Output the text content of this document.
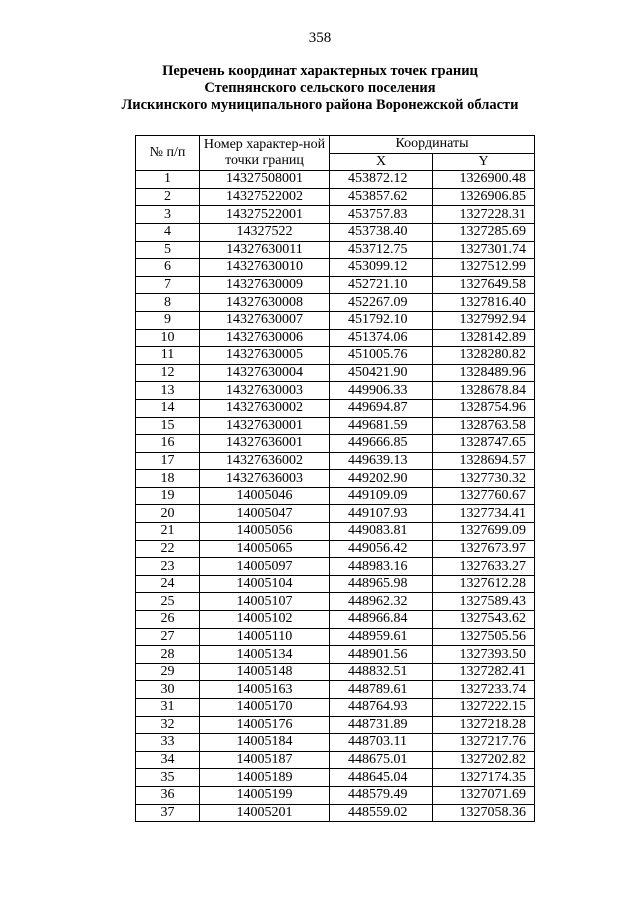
358
Перечень координат характерных точек границ
Степнянского сельского поселения
Лискинского муниципального района Воронежской области
№ п/п	Номер характер-ной точки границ	Координаты	
		X	Y
1	14327508001	453872.12	1326900.48
2	14327522002	453857.62	1326906.85
3	14327522001	453757.83	1327228.31
4	14327522	453738.40	1327285.69
5	14327630011	453712.75	1327301.74
6	14327630010	453099.12	1327512.99
7	14327630009	452721.10	1327649.58
8	14327630008	452267.09	1327816.40
9	14327630007	451792.10	1327992.94
10	14327630006	451374.06	1328142.89
11	14327630005	451005.76	1328280.82
12	14327630004	450421.90	1328489.96
13	14327630003	449906.33	1328678.84
14	14327630002	449694.87	1328754.96
15	14327630001	449681.59	1328763.58
16	14327636001	449666.85	1328747.65
17	14327636002	449639.13	1328694.57
18	14327636003	449202.90	1327730.32
19	14005046	449109.09	1327760.67
20	14005047	449107.93	1327734.41
21	14005056	449083.81	1327699.09
22	14005065	449056.42	1327673.97
23	14005097	448983.16	1327633.27
24	14005104	448965.98	1327612.28
25	14005107	448962.32	1327589.43
26	14005102	448966.84	1327543.62
27	14005110	448959.61	1327505.56
28	14005134	448901.56	1327393.50
29	14005148	448832.51	1327282.41
30	14005163	448789.61	1327233.74
31	14005170	448764.93	1327222.15
32	14005176	448731.89	1327218.28
33	14005184	448703.11	1327217.76
34	14005187	448675.01	1327202.82
35	14005189	448645.04	1327174.35
36	14005199	448579.49	1327071.69
37	14005201	448559.02	1327058.36
